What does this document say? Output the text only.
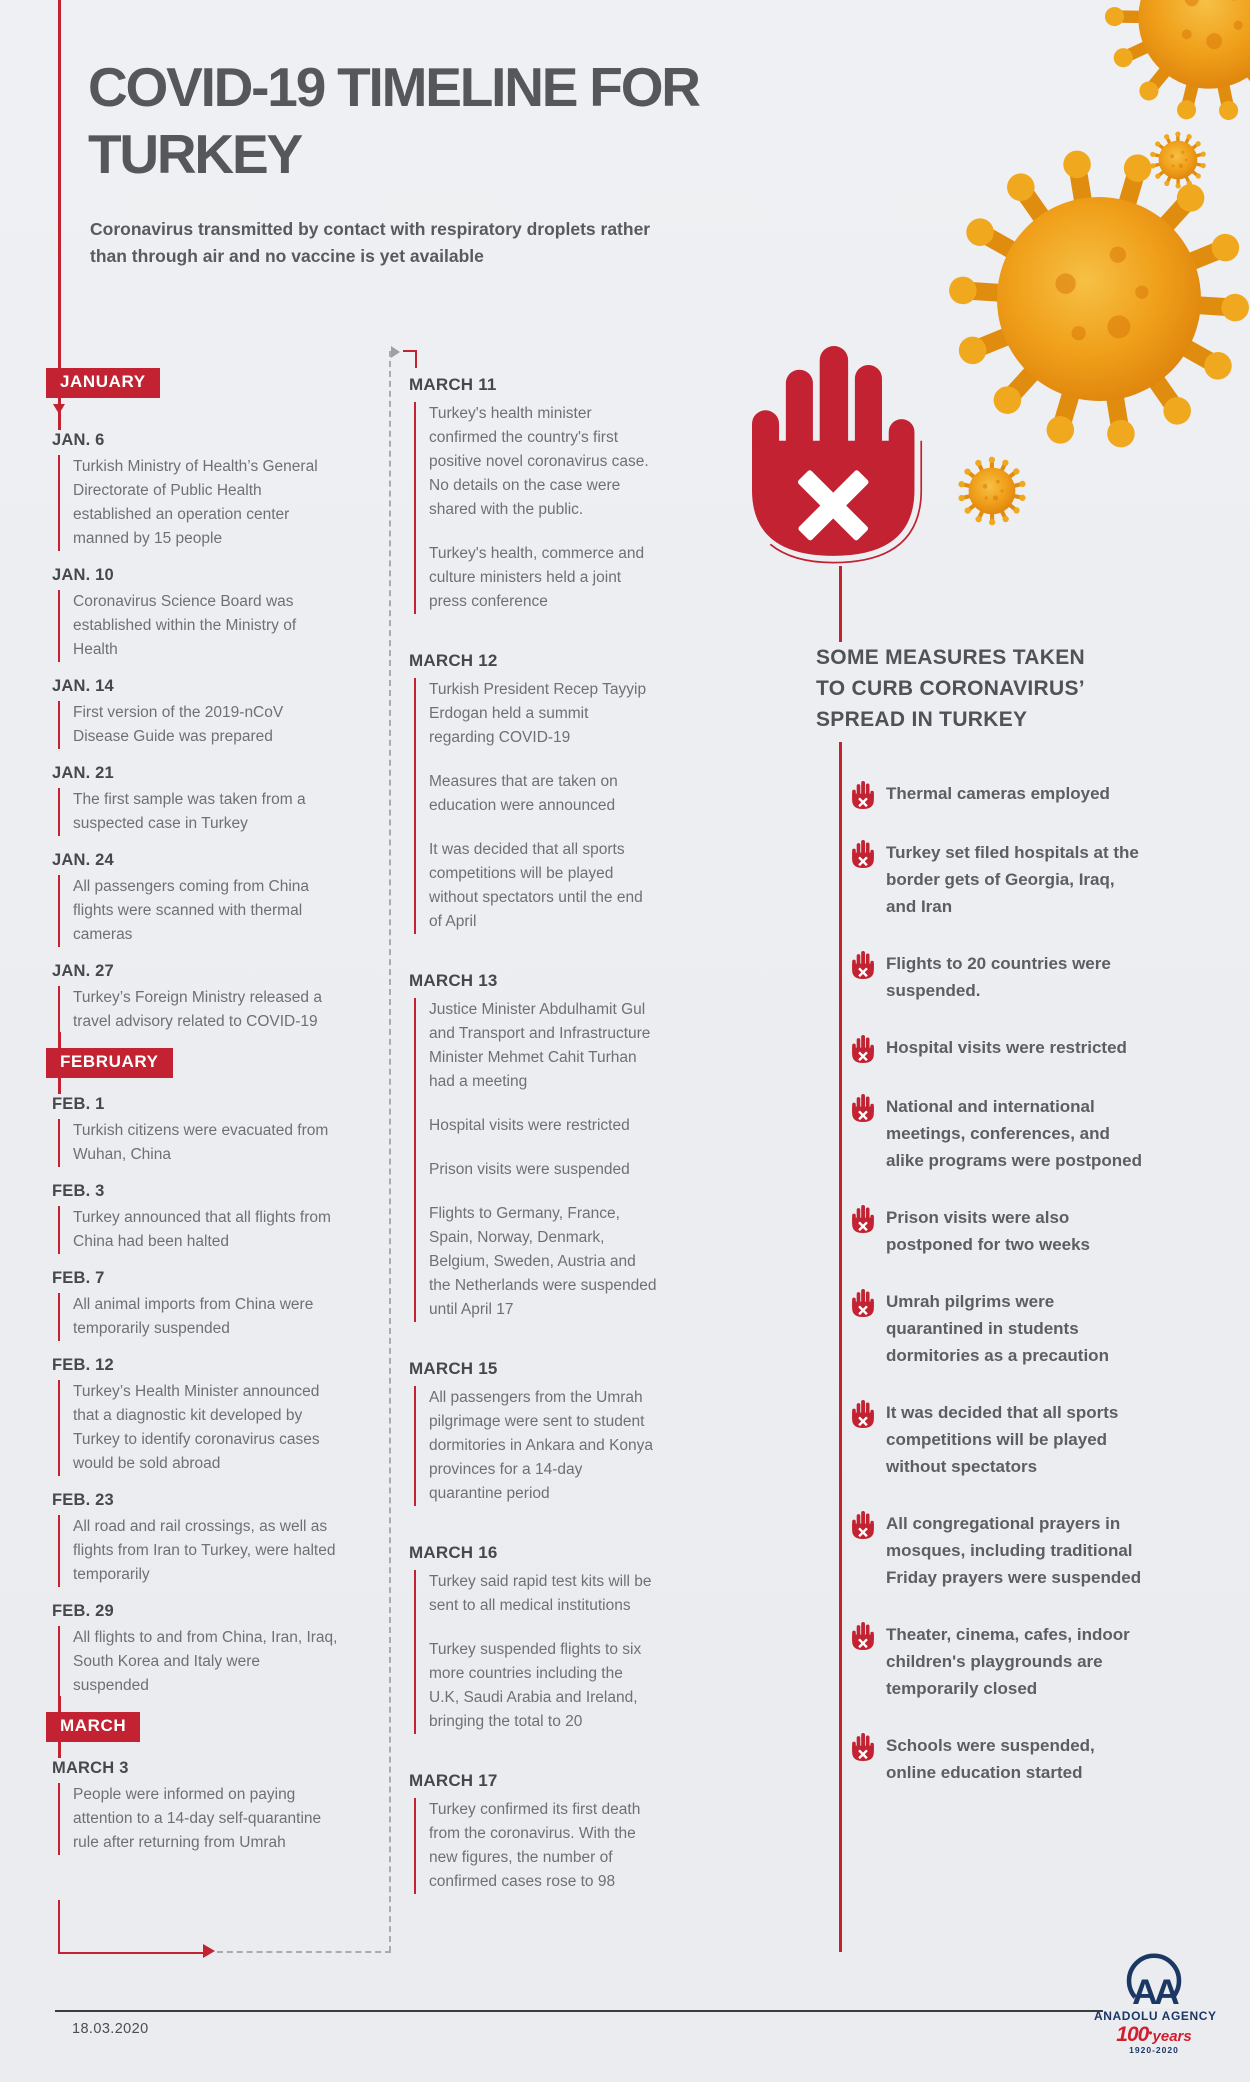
COVID-19 TIMELINE FOR
TURKEY
Coronavirus transmitted by contact with respiratory droplets rather than through air and no vaccine is yet available
JANUARY
JAN. 6
Turkish Ministry of Health’s General Directorate of Public Health established an operation center manned by 15 people
JAN. 10
Coronavirus Science Board was established within the Ministry of Health
JAN. 14
First version of the 2019-nCoV Disease Guide was prepared
JAN. 21
The first sample was taken from a suspected case in Turkey
JAN. 24
All passengers coming from China flights were scanned with thermal cameras
JAN. 27
Turkey’s Foreign Ministry released a travel advisory related to COVID-19
FEBRUARY
FEB. 1
Turkish citizens were evacuated from Wuhan, China
FEB. 3
Turkey announced that all flights from China had been halted
FEB. 7
All animal imports from China were temporarily suspended
FEB. 12
Turkey’s Health Minister announced that a diagnostic kit developed by Turkey to identify coronavirus cases would be sold abroad
FEB. 23
All road and rail crossings, as well as flights from Iran to Turkey, were halted temporarily
FEB. 29
All flights to and from China, Iran, Iraq, South Korea and Italy were suspended
MARCH
MARCH 3
People were informed on paying attention to a 14-day self-quarantine rule after returning from Umrah
MARCH 11

Turkey's health minister confirmed the country's first positive novel coronavirus case. No details on the case were shared with the public.

Turkey's health, commerce and culture ministers held a joint press conference

MARCH 12

Turkish President Recep Tayyip Erdogan held a summit regarding COVID-19

Measures that are taken on education were announced

It was decided that all sports competitions will be played without spectators until the end of April

MARCH 13

Justice Minister Abdulhamit Gul and Transport and Infrastructure Minister Mehmet Cahit Turhan had a meeting

Hospital visits were restricted

Prison visits were suspended

Flights to Germany, France, Spain, Norway, Denmark, Belgium, Sweden, Austria and the Netherlands were suspended until April 17

MARCH 15

All passengers from the Umrah pilgrimage were sent to student dormitories in Ankara and Konya provinces for a 14-day quarantine period

MARCH 16

Turkey said rapid test kits will be sent to all medical institutions

Turkey suspended flights to six more countries including the U.K, Saudi Arabia and Ireland, bringing the total to 20

MARCH 17

Turkey confirmed its first death from the coronavirus. With the new figures, the number of confirmed cases rose to 98

SOME MEASURES TAKEN TO CURB CORONAVIRUS’ SPREAD IN TURKEY
Thermal cameras employed
Turkey set filed hospitals at the border gets of Georgia, Iraq, and Iran
Flights to 20 countries were suspended.
Hospital visits were restricted
National and international meetings, conferences, and alike programs were postponed
Prison visits were also postponed for two weeks
Umrah pilgrims were quarantined in students dormitories as a precaution
It was decided that all sports competitions will be played without spectators
All congregational prayers in mosques, including traditional Friday prayers were suspended
Theater, cinema, cafes, indoor children's playgrounds are temporarily closed
Schools were suspended, online education started
18.03.2020
AA
ANADOLU AGENCY
100•years
1920-2020
